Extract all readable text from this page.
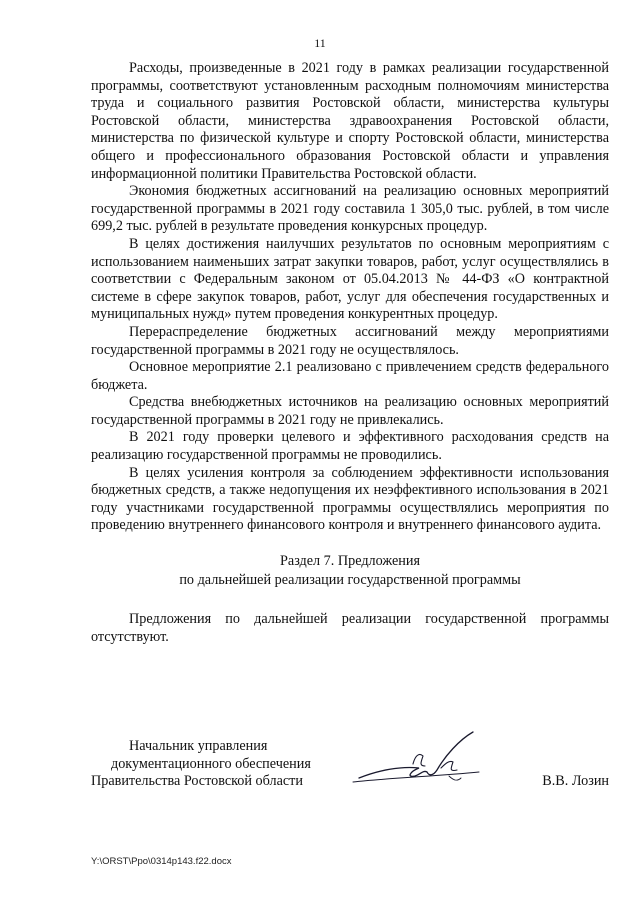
11

Расходы, произведенные в 2021 году в рамках реализации государственной программы, соответствуют установленным расходным полномочиям министерства труда и социального развития Ростовской области, министерства культуры Ростовской области, министерства здравоохранения Ростовской области, министерства по физической культуре и спорту Ростовской области, министерства общего и профессионального образования Ростовской области и управления информационной политики Правительства Ростовской области.

Экономия бюджетных ассигнований на реализацию основных мероприятий государственной программы в 2021 году составила 1 305,0 тыс. рублей, в том числе 699,2 тыс. рублей в результате проведения конкурсных процедур.

В целях достижения наилучших результатов по основным мероприятиям с использованием наименьших затрат закупки товаров, работ, услуг осуществлялись в соответствии с Федеральным законом от 05.04.2013 № 44-ФЗ «О контрактной системе в сфере закупок товаров, работ, услуг для обеспечения государственных и муниципальных нужд» путем проведения конкурентных процедур.

Перераспределение бюджетных ассигнований между мероприятиями государственной программы в 2021 году не осуществлялось.

Основное мероприятие 2.1 реализовано с привлечением средств федерального бюджета.

Средства внебюджетных источников на реализацию основных мероприятий государственной программы в 2021 году не привлекались.

В 2021 году проверки целевого и эффективного расходования средств на реализацию государственной программы не проводились.

В целях усиления контроля за соблюдением эффективности использования бюджетных средств, а также недопущения их неэффективного использования в 2021 году участниками государственной программы осуществлялись мероприятия по проведению внутреннего финансового контроля и внутреннего финансового аудита.

Раздел 7. Предложения
по дальнейшей реализации государственной программы

Предложения по дальнейшей реализации государственной программы отсутствуют.

Начальник управления
документационного обеспечения
Правительства Ростовской области	В.В. Лозин
Y:\ORST\Ppo\0314p143.f22.docx
